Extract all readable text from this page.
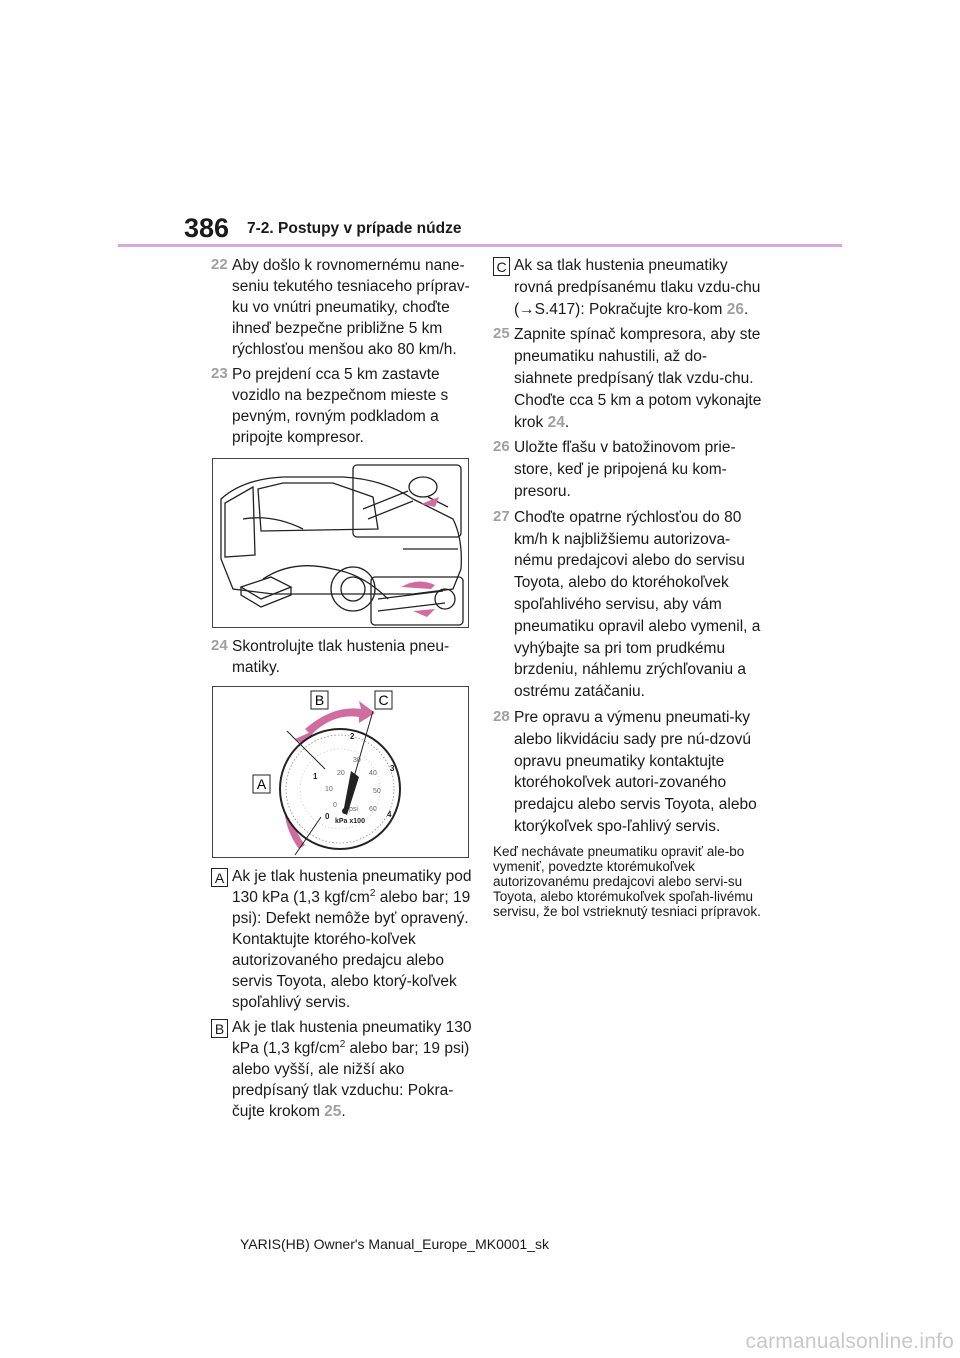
386 7-2. Postupy v prípade núdze
22 Aby došlo k rovnomernému nane-seniu tekutého tesniaceho príprav-ku vo vnútri pneumatiky, choďte ihneď bezpečne približne 5 km rýchlosťou menšou ako 80 km/h.
23 Po prejdení cca 5 km zastavte vozidlo na bezpečnom mieste s pevným, rovným podkladom a pripojte kompresor.
24 Skontrolujte tlak hustenia pneu-matiky.
B	C
A
0
1
2
3
4
0
10
20
30
40
50
60
psi
kPa x100
A Ak je tlak hustenia pneumatiky pod 130 kPa (1,3 kgf/$cm^2$ alebo bar; 19 psi): Defekt nemôže byť opravený. Kontaktujte ktorého-koľvek autorizovaného predajcu alebo servis Toyota, alebo ktorý-koľvek spoľahlivý servis.
B Ak je tlak hustenia pneumatiky 130 kPa (1,3 kgf/$cm^2$ alebo bar; 19 psi) alebo vyšší, ale nižší ako predpísaný tlak vzduchu: Pokra-čujte krokom 25.
C Ak sa tlak hustenia pneumatiky rovná predpísanému tlaku vzdu-chu (→S.417): Pokračujte kro-kom 26.
25 Zapnite spínač kompresora, aby ste pneumatiku nahustili, až do-siahnete predpísaný tlak vzdu-chu. Choďte cca 5 km a potom vykonajte krok 24.
26 Uložte fľašu v batožinovom prie-store, keď je pripojená ku kom-presoru.
27 Choďte opatrne rýchlosťou do 80 km/h k najbližšiemu autorizova-nému predajcovi alebo do servisu Toyota, alebo do ktoréhokoľvek spoľahlivého servisu, aby vám pneumatiku opravil alebo vymenil, a vyhýbajte sa pri tom prudkému brzdeniu, náhlemu zrýchľovaniu a ostrému zatáčaniu.
28 Pre opravu a výmenu pneumati-ky alebo likvidáciu sady pre nú-dzovú opravu pneumatiky kontaktujte ktoréhokoľvek autori-zovaného predajcu alebo servis Toyota, alebo ktorýkoľvek spo-ľahlivý servis.
Keď nechávate pneumatiku opraviť ale-bo vymeniť, povedzte ktorémukoľvek autorizovanému predajcovi alebo servi-su Toyota, alebo ktorémukoľvek spoľah-livému servisu, že bol vstrieknutý tesniaci prípravok.
YARIS(HB) Owner's Manual_Europe_MK0001_sk
carmanualsonline.info
